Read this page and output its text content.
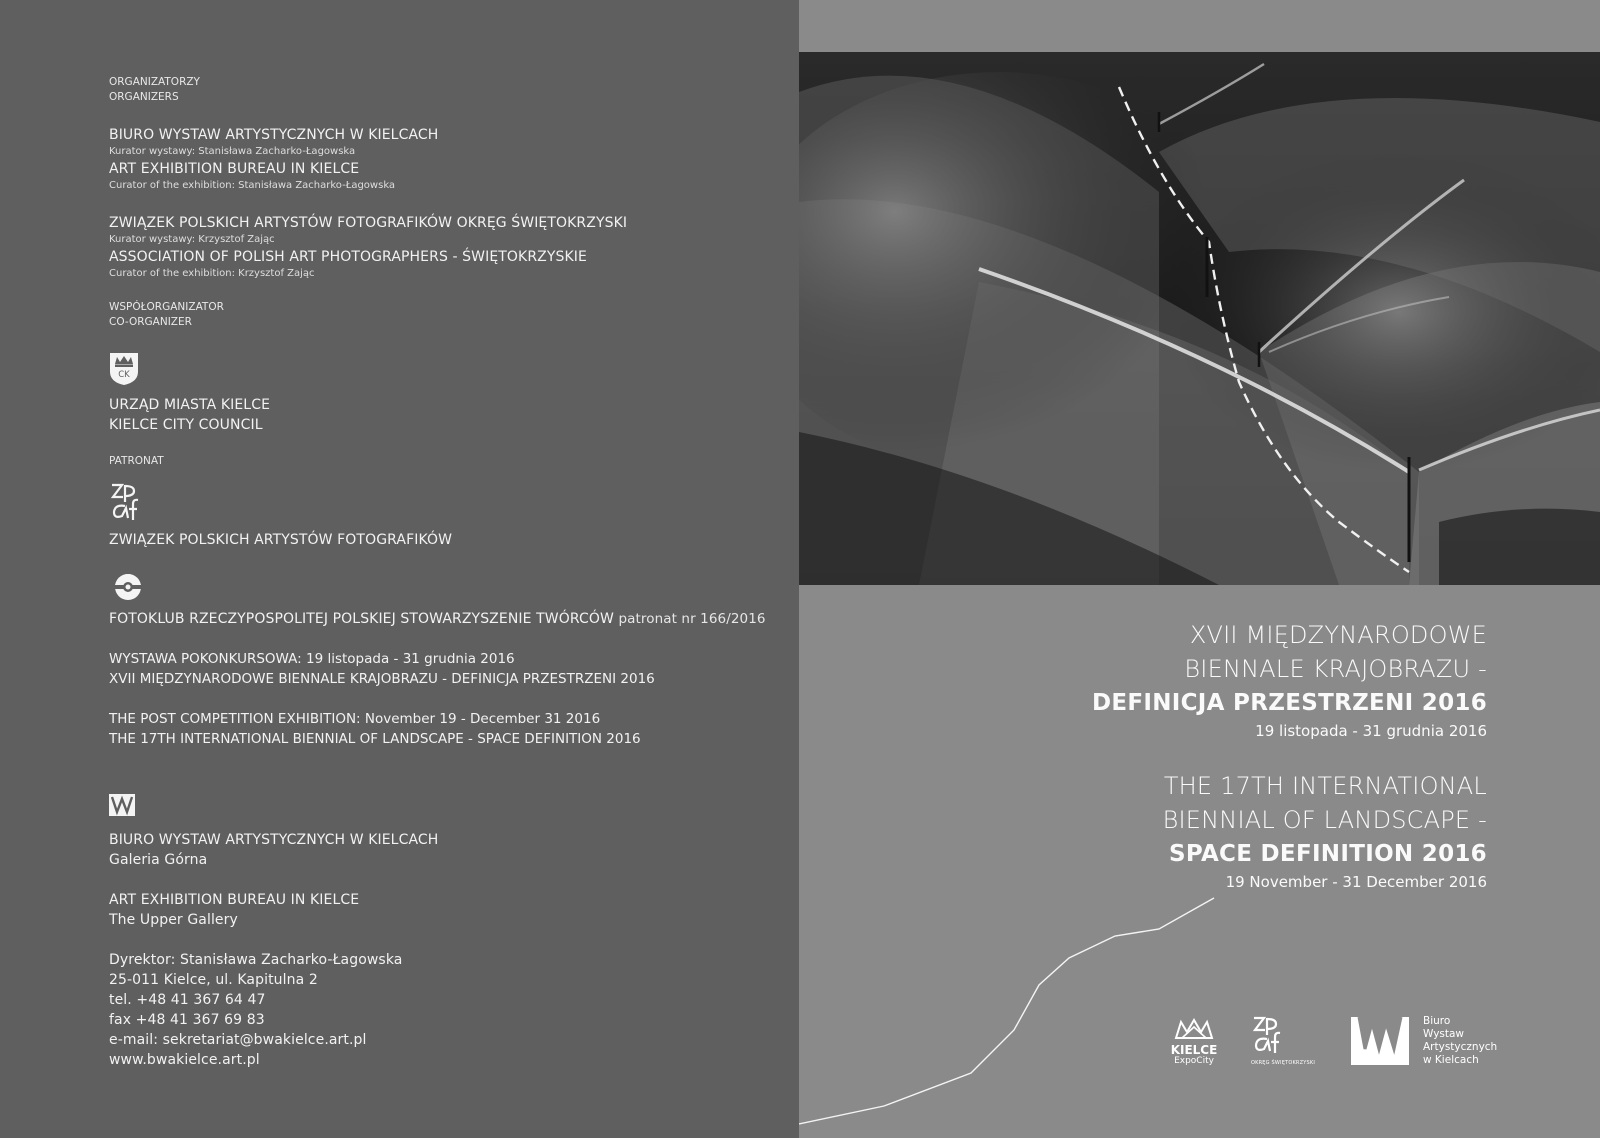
ORGANIZATORZY
ORGANIZERS
BIURO WYSTAW ARTYSTYCZNYCH W KIELCACH
Kurator wystawy: Stanisława Zacharko-Łagowska
ART EXHIBITION BUREAU IN KIELCE
Curator of the exhibition: Stanisława Zacharko-Łagowska
ZWIĄZEK POLSKICH ARTYSTÓW FOTOGRAFIKÓW OKRĘG ŚWIĘTOKRZYSKI
Kurator wystawy: Krzysztof Zając
ASSOCIATION OF POLISH ART PHOTOGRAPHERS - ŚWIĘTOKRZYSKIE
Curator of the exhibition: Krzysztof Zając
WSPÓŁORGANIZATOR
CO-ORGANIZER
CK
URZĄD MIASTA KIELCE
KIELCE CITY COUNCIL
PATRONAT
ZWIĄZEK POLSKICH ARTYSTÓW FOTOGRAFIKÓW
FOTOKLUB RZECZYPOSPOLITEJ POLSKIEJ STOWARZYSZENIE TWÓRCÓW patronat nr 166/2016
WYSTAWA POKONKURSOWA: 19 listopada - 31 grudnia 2016
XVII MIĘDZYNARODOWE BIENNALE KRAJOBRAZU - DEFINICJA PRZESTRZENI 2016
THE POST COMPETITION EXHIBITION: November 19 - December 31 2016
THE 17TH INTERNATIONAL BIENNIAL OF LANDSCAPE - SPACE DEFINITION 2016
BIURO WYSTAW ARTYSTYCZNYCH W KIELCACH
Galeria Górna
ART EXHIBITION BUREAU IN KIELCE
The Upper Gallery
Dyrektor: Stanisława Zacharko-Łagowska
25-011 Kielce, ul. Kapitulna 2
tel. +48 41 367 64 47
fax +48 41 367 69 83
e-mail: sekretariat@bwakielce.art.pl
www.bwakielce.art.pl
XVII MIĘDZYNARODOWE
BIENNALE KRAJOBRAZU -
DEFINICJA PRZESTRZENI 2016
19 listopada - 31 grudnia 2016
THE 17TH INTERNATIONAL
BIENNIAL OF LANDSCAPE -
SPACE DEFINITION 2016
19 November - 31 December 2016
KIELCE
ExpoCity	OKRĘG ŚWIĘTOKRZYSKI
Biuro
Wystaw
Artystycznych
w Kielcach
